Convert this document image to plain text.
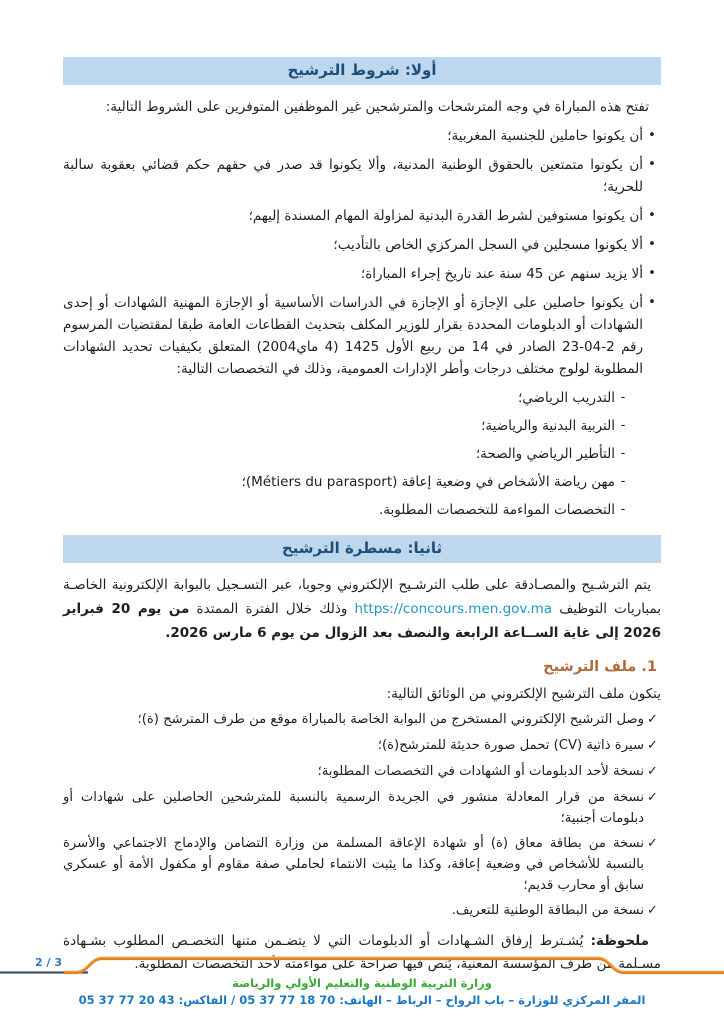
أولا: شروط الترشيح

تفتح هذه المباراة في وجه المترشحات والمترشحين غير الموظفين المتوفرين على الشروط التالية:

•
أن يكونوا حاملين للجنسية المغربية؛
•
أن يكونوا متمتعين بالحقوق الوطنية المدنية، وألا يكونوا قد صدر في حقهم حكم قضائي بعقوبة سالبة للحرية؛
•
أن يكونوا مستوفين لشرط القدرة البدنية لمزاولة المهام المسندة إليهم؛
•
ألا يكونوا مسجلين في السجل المركزي الخاص بالتأديب؛
•
ألا يزيد سنهم عن 45 سنة عند تاريخ إجراء المباراة؛
•
أن يكونوا حاصلين على الإجازة أو الإجازة في الدراسات الأساسية أو الإجازة المهنية الشهادات أو إحدى الشهادات أو الدبلومات المحددة بقرار للوزير المكلف بتحديث القطاعات العامة طبقا لمقتضيات المرسوم رقم 2-04-23 الصادر في 14 من ربيع الأول 1425 (4 ماي2004) المتعلق بكيفيات تحديد الشهادات المطلوبة لولوج مختلف درجات وأطر الإدارات العمومية، وذلك في التخصصات التالية:
-
التدريب الرياضي؛
-
التربية البدنية والرياضية؛
-
التأطير الرياضي والصحة؛
-
مهن رياضة الأشخاص في وضعية إعاقة (Métiers du parasport)؛
-
التخصصات المواءمة للتخصصات المطلوبة.
ثانيا: مسطرة الترشيح

يتم الترشـيح والمصـادقة على طلب الترشـيح الإلكتروني وجوبا، عبر التسـجيل بالبوابة الإلكترونية الخاصـة بمباريات التوظيف https://concours.men.gov.ma وذلك خلال الفترة الممتدة من يوم 20 فبراير 2026 إلى غاية الســاعة الرابعة والنصف بعد الزوال من يوم 6 مارس 2026.

1. ملف الترشيح

يتكون ملف الترشيح الإلكتروني من الوثائق التالية:

✓
وصل الترشيح الإلكتروني المستخرج من البوابة الخاصة بالمباراة موقع من طرف المترشح (ة)؛
✓
سيرة ذاتية (CV) تحمل صورة حديثة للمترشح(ة)؛
✓
نسخة لأحد الدبلومات أو الشهادات في التخصصات المطلوبة؛
✓
نسخة من قرار المعادلة منشور في الجريدة الرسمية بالنسبة للمترشحين الحاصلين على شهادات أو دبلومات أجنبية؛
✓
نسخة من بطاقة معاق (ة) أو شهادة الإعاقة المسلمة من وزارة التضامن والإدماج الاجتماعي والأسرة بالنسبة للأشخاص في وضعية إعاقة، وكذا ما يثبت الانتماء لحاملي صفة مقاوم أو مكفول الأمة أو عسكري سابق أو محارب قديم؛
✓
نسخة من البطاقة الوطنية للتعريف.

ملحوظة: يُشـترط إرفاق الشـهادات أو الدبلومات التي لا يتضـمن متنها التخصـص المطلوب بشـهادة مسـلمة من طرف المؤسسة المعنية، يُنص فيها صراحةً على مواءمته لأحد التخصصات المطلوبة.

2 / 3
وزارة التربية الوطنية والتعليم الأولي والرياضة
المقر المركزي للوزارة – باب الرواح – الرباط – الهاتف: 05 37 77 18 70 / الفاكس: 05 37 77 20 43
